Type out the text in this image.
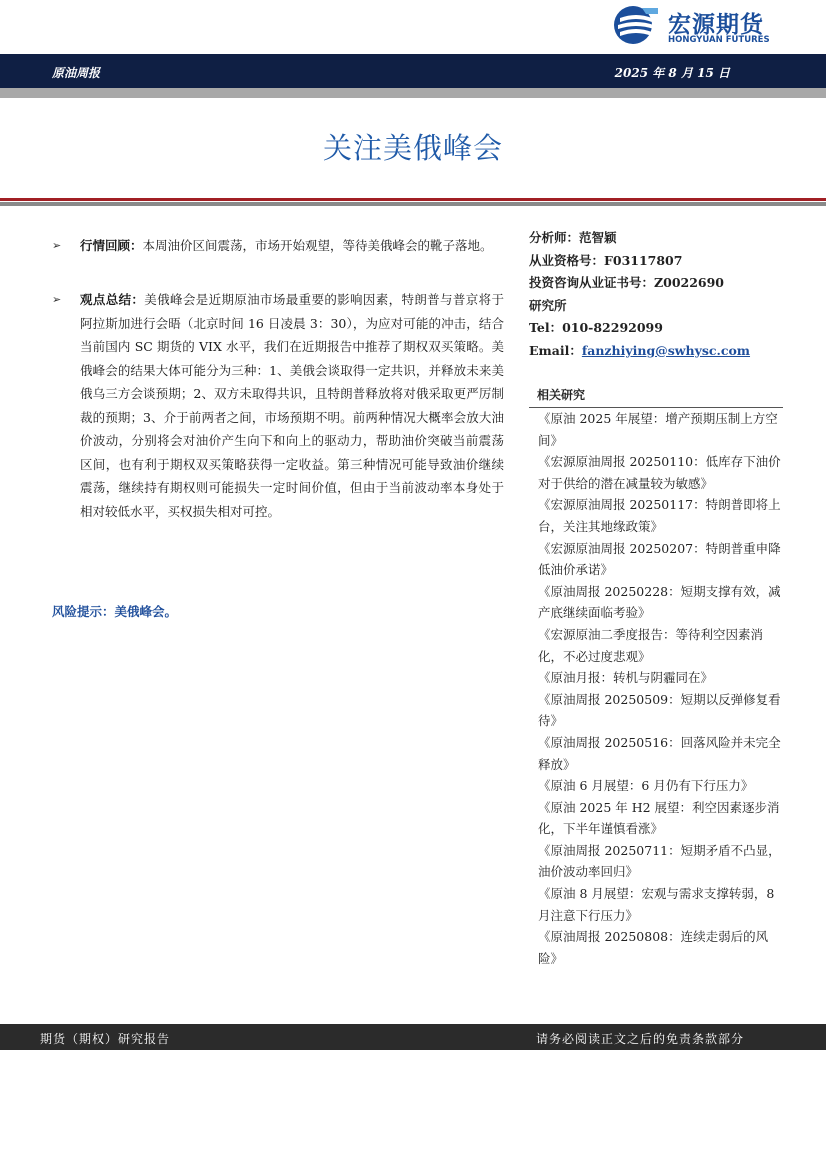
宏源期货
HONGYUAN FUTURES
原油周报	2025 年 8 月 15 日
关注美俄峰会
➢ 行情回顾：本周油价区间震荡，市场开始观望，等待美俄峰会的靴子落地。
➢ 观点总结：美俄峰会是近期原油市场最重要的影响因素，特朗普与普京将于阿拉斯加进行会晤（北京时间 16 日凌晨 3：30），为应对可能的冲击，结合当前国内 SC 期货的 VIX 水平，我们在近期报告中推荐了期权双买策略。美俄峰会的结果大体可能分为三种：1、美俄会谈取得一定共识，并释放未来美俄乌三方会谈预期；2、双方未取得共识，且特朗普释放将对俄采取更严厉制裁的预期；3、介于前两者之间，市场预期不明。前两种情况大概率会放大油价波动，分别将会对油价产生向下和向上的驱动力，帮助油价突破当前震荡区间，也有利于期权双买策略获得一定收益。第三种情况可能导致油价继续震荡，继续持有期权则可能损失一定时间价值，但由于当前波动率本身处于相对较低水平，买权损失相对可控。
风险提示：美俄峰会。
分析师：范智颖
从业资格号：F03117807
投资咨询从业证书号：Z0022690
研究所
Tel：010-82292099
Email：fanzhiying@swhysc.com
相关研究
《原油 2025 年展望：增产预期压制上方空间》
《宏源原油周报 20250110：低库存下油价对于供给的潜在减量较为敏感》
《宏源原油周报 20250117：特朗普即将上台，关注其地缘政策》
《宏源原油周报 20250207：特朗普重申降低油价承诺》
《原油周报 20250228：短期支撑有效，减产底继续面临考验》
《宏源原油二季度报告：等待利空因素消化，不必过度悲观》
《原油月报：转机与阴霾同在》
《原油周报 20250509：短期以反弹修复看待》
《原油周报 20250516：回落风险并未完全释放》
《原油 6 月展望：6 月仍有下行压力》
《原油 2025 年 H2 展望：利空因素逐步消化，下半年谨慎看涨》
《原油周报 20250711：短期矛盾不凸显，油价波动率回归》
《原油 8 月展望：宏观与需求支撑转弱，8 月注意下行压力》
《原油周报 20250808：连续走弱后的风险》
期货（期权）研究报告	请务必阅读正文之后的免责条款部分
